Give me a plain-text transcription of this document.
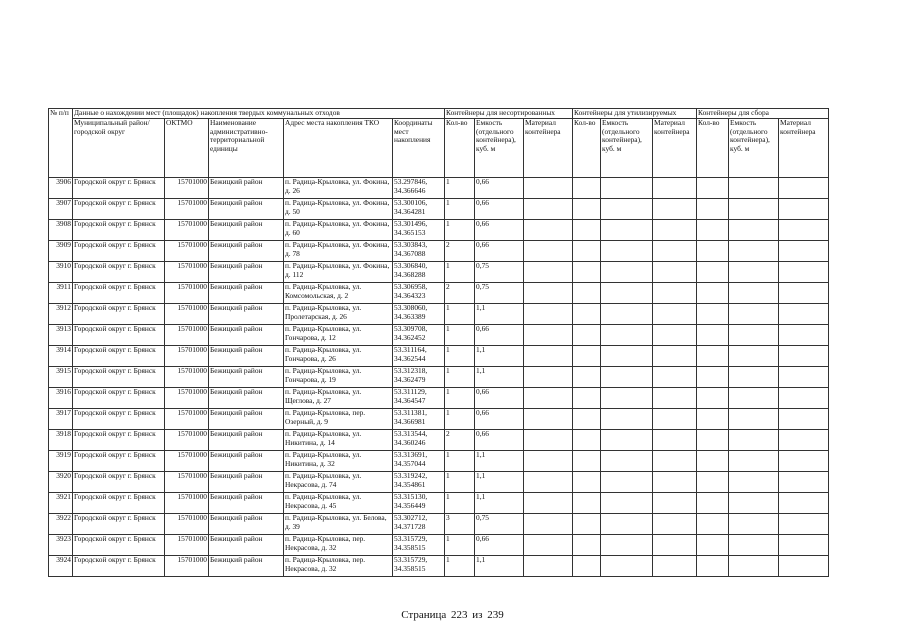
№ п/п	Данные о нахождении мест (площадок) накопления твердых коммунальных отходов					Контейнеры для несортированных			Контейнеры для утилизируемых			Контейнеры для сбора		
	Муниципальный район/городской округ	ОКТМО	Наименование административно-территориальной единицы	Адрес места накопления ТКО	Координаты мест накопления	Кол-во	Емкость (отдельного контейнера), куб. м	Материал контейнера	Кол-во	Емкость (отдельного контейнера), куб. м	Материал контейнера	Кол-во	Емкость (отдельного контейнера), куб. м	Материал контейнера
3906	Городской округ г. Брянск	15701000	Бежицкий район	п. Радица-Крыловка, ул. Фокина, д. 26	53.297846, 34.366646	1	0,66							
3907	Городской округ г. Брянск	15701000	Бежицкий район	п. Радица-Крыловка, ул. Фокина, д. 50	53.300106, 34.364281	1	0,66							
3908	Городской округ г. Брянск	15701000	Бежицкий район	п. Радица-Крыловка, ул. Фокина, д. 60	53.301496, 34.365153	1	0,66							
3909	Городской округ г. Брянск	15701000	Бежицкий район	п. Радица-Крыловка, ул. Фокина, д. 78	53.303843, 34.367088	2	0,66							
3910	Городской округ г. Брянск	15701000	Бежицкий район	п. Радица-Крыловка, ул. Фокина, д. 112	53.306840, 34.368288	1	0,75							
3911	Городской округ г. Брянск	15701000	Бежицкий район	п. Радица-Крыловка, ул. Комсомольская, д. 2	53.306958, 34.364323	2	0,75							
3912	Городской округ г. Брянск	15701000	Бежицкий район	п. Радица-Крыловка, ул. Пролетарская, д. 26	53.308060, 34.363389	1	1,1							
3913	Городской округ г. Брянск	15701000	Бежицкий район	п. Радица-Крыловка, ул. Гончарова, д. 12	53.309708, 34.362452	1	0,66							
3914	Городской округ г. Брянск	15701000	Бежицкий район	п. Радица-Крыловка, ул. Гончарова, д. 26	53.311164, 34.362544	1	1,1							
3915	Городской округ г. Брянск	15701000	Бежицкий район	п. Радица-Крыловка, ул. Гончарова, д. 19	53.312318, 34.362479	1	1,1							
3916	Городской округ г. Брянск	15701000	Бежицкий район	п. Радица-Крыловка, ул. Щеглова, д. 27	53.311129, 34.364547	1	0,66							
3917	Городской округ г. Брянск	15701000	Бежицкий район	п. Радица-Крыловка, пер. Озерный, д. 9	53.311381, 34.366981	1	0,66							
3918	Городской округ г. Брянск	15701000	Бежицкий район	п. Радица-Крыловка, ул. Никитина, д. 14	53.313544, 34.360246	2	0,66							
3919	Городской округ г. Брянск	15701000	Бежицкий район	п. Радица-Крыловка, ул. Никитина, д. 32	53.313691, 34.357044	1	1,1							
3920	Городской округ г. Брянск	15701000	Бежицкий район	п. Радица-Крыловка, ул. Некрасова, д. 74	53.319242, 34.354861	1	1,1							
3921	Городской округ г. Брянск	15701000	Бежицкий район	п. Радица-Крыловка, ул. Некрасова, д. 45	53.315130, 34.356449	1	1,1							
3922	Городской округ г. Брянск	15701000	Бежицкий район	п. Радица-Крыловка, ул. Белова, д. 39	53.302712, 34.371728	3	0,75							
3923	Городской округ г. Брянск	15701000	Бежицкий район	п. Радица-Крыловка, пер. Некрасова, д. 32	53.315729, 34.358515	1	0,66							
3924	Городской округ г. Брянск	15701000	Бежицкий район	п. Радица-Крыловка, пер. Некрасова, д. 32	53.315729, 34.358515	1	1,1							
Страница 223 из 239
